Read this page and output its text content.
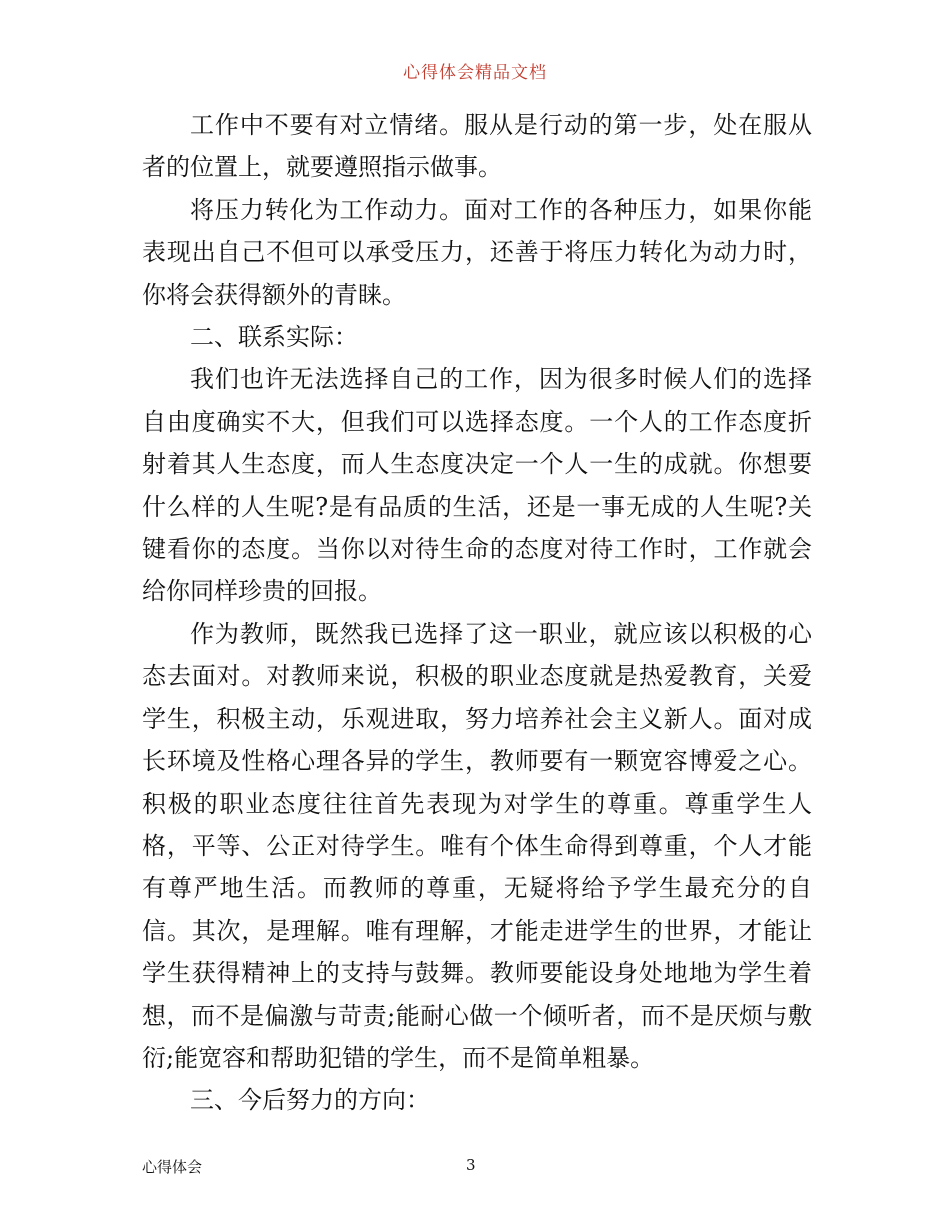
心得体会精品文档

工作中不要有对立情绪。服从是行动的第一步，处在服从者的位置上，就要遵照指示做事。

将压力转化为工作动力。面对工作的各种压力，如果你能表现出自己不但可以承受压力，还善于将压力转化为动力时，你将会获得额外的青睐。

二、联系实际：

我们也许无法选择自己的工作，因为很多时候人们的选择自由度确实不大，但我们可以选择态度。一个人的工作态度折射着其人生态度，而人生态度决定一个人一生的成就。你想要什么样的人生呢?是有品质的生活，还是一事无成的人生呢?关键看你的态度。当你以对待生命的态度对待工作时，工作就会给你同样珍贵的回报。

作为教师，既然我已选择了这一职业，就应该以积极的心态去面对。对教师来说，积极的职业态度就是热爱教育，关爱学生，积极主动，乐观进取，努力培养社会主义新人。面对成长环境及性格心理各异的学生，教师要有一颗宽容博爱之心。积极的职业态度往往首先表现为对学生的尊重。尊重学生人格，平等、公正对待学生。唯有个体生命得到尊重，个人才能有尊严地生活。而教师的尊重，无疑将给予学生最充分的自信。其次，是理解。唯有理解，才能走进学生的世界，才能让学生获得精神上的支持与鼓舞。教师要能设身处地地为学生着想，而不是偏激与苛责;能耐心做一个倾听者，而不是厌烦与敷衍;能宽容和帮助犯错的学生，而不是简单粗暴。

三、今后努力的方向：

心得体会	3
